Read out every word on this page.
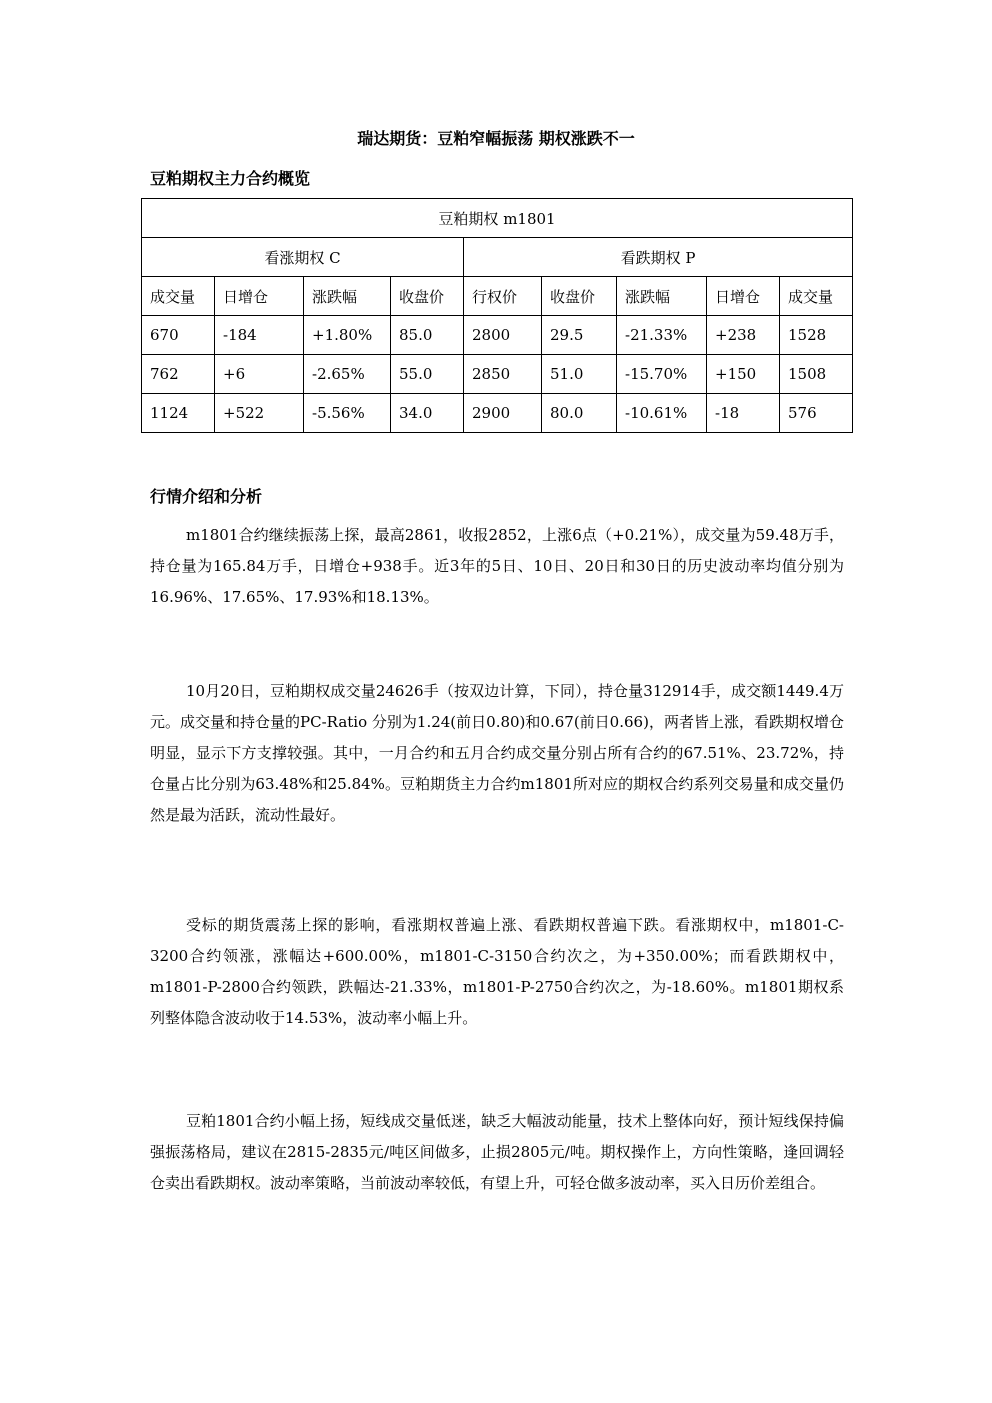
瑞达期货：豆粕窄幅振荡 期权涨跌不一
豆粕期权主力合约概览
豆粕期权 m1801								
看涨期权 C				看跌期权 P				
成交量	日增仓	涨跌幅	收盘价	行权价	收盘价	涨跌幅	日增仓	成交量
670	-184	+1.80%	85.0	2800	29.5	-21.33%	+238	1528
762	+6	-2.65%	55.0	2850	51.0	-15.70%	+150	1508
1124	+522	-5.56%	34.0	2900	80.0	-10.61%	-18	576
行情介绍和分析

m1801合约继续振荡上探，最高2861，收报2852，上涨6点（+0.21%），成交量为59.48万手，持仓量为165.84万手，日增仓+938手。近3年的5日、10日、20日和30日的历史波动率均值分别为16.96%、17.65%、17.93%和18.13%。

10月20日，豆粕期权成交量24626手（按双边计算，下同），持仓量312914手，成交额1449.4万元。成交量和持仓量的PC-Ratio 分别为1.24(前日0.80)和0.67(前日0.66)，两者皆上涨，看跌期权增仓明显，显示下方支撑较强。其中，一月合约和五月合约成交量分别占所有合约的67.51%、23.72%，持仓量占比分别为63.48%和25.84%。豆粕期货主力合约m1801所对应的期权合约系列交易量和成交量仍然是最为活跃，流动性最好。

受标的期货震荡上探的影响，看涨期权普遍上涨、看跌期权普遍下跌。看涨期权中，m1801-C-3200合约领涨，涨幅达+600.00%，m1801-C-3150合约次之，为+350.00%；而看跌期权中， m1801-P-2800合约领跌，跌幅达-21.33%，m1801-P-2750合约次之，为-18.60%。m1801期权系列整体隐含波动收于14.53%，波动率小幅上升。

豆粕1801合约小幅上扬，短线成交量低迷，缺乏大幅波动能量，技术上整体向好，预计短线保持偏强振荡格局，建议在2815-2835元/吨区间做多，止损2805元/吨。期权操作上，方向性策略，逢回调轻仓卖出看跌期权。波动率策略，当前波动率较低，有望上升，可轻仓做多波动率，买入日历价差组合。
